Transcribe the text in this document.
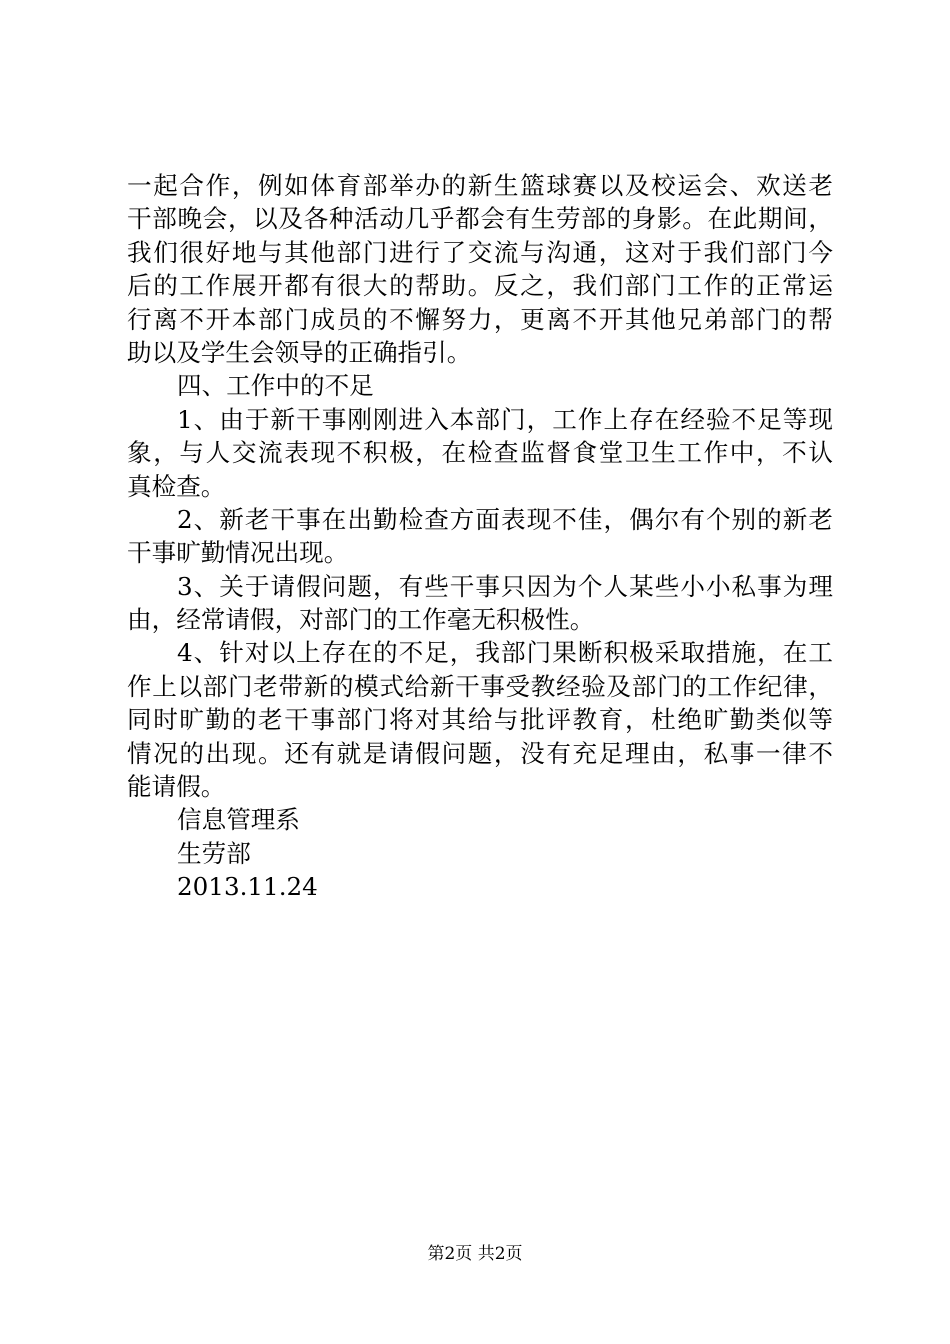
一起合作，例如体育部举办的新生篮球赛以及校运会、欢送老
干部晚会，以及各种活动几乎都会有生劳部的身影。在此期间，
我们很好地与其他部门进行了交流与沟通，这对于我们部门今
后的工作展开都有很大的帮助。反之，我们部门工作的正常运
行离不开本部门成员的不懈努力，更离不开其他兄弟部门的帮
助以及学生会领导的正确指引。
四、工作中的不足
1、由于新干事刚刚进入本部门，工作上存在经验不足等现
象，与人交流表现不积极，在检查监督食堂卫生工作中，不认
真检查。
2、新老干事在出勤检查方面表现不佳，偶尔有个别的新老
干事旷勤情况出现。
3、关于请假问题，有些干事只因为个人某些小小私事为理
由，经常请假，对部门的工作毫无积极性。
4、针对以上存在的不足，我部门果断积极采取措施，在工
作上以部门老带新的模式给新干事受教经验及部门的工作纪律，
同时旷勤的老干事部门将对其给与批评教育，杜绝旷勤类似等
情况的出现。还有就是请假问题，没有充足理由，私事一律不
能请假。
信息管理系
生劳部
2013.11.24
第2页 共2页
